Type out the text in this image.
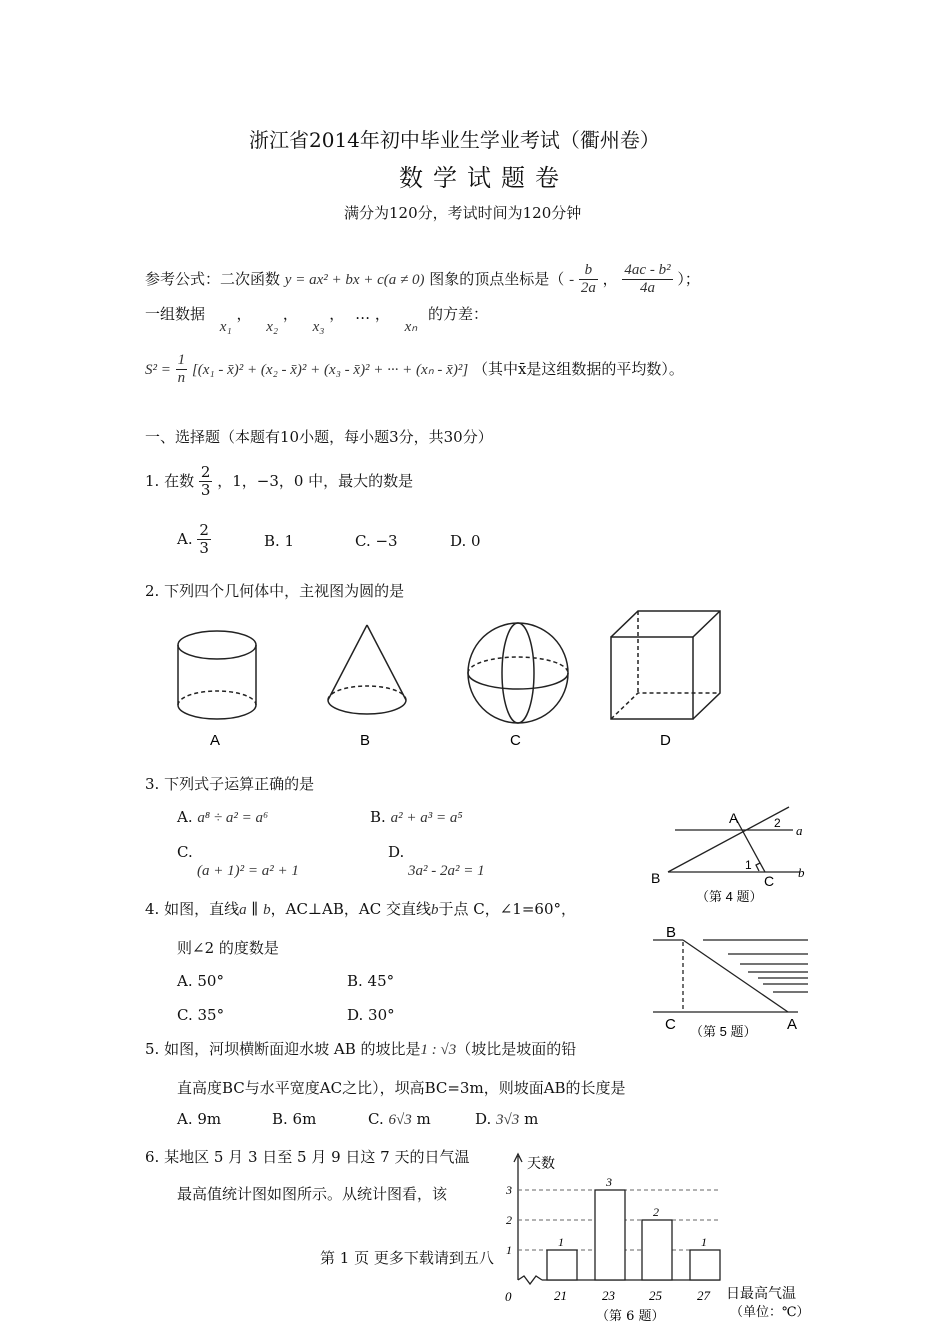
浙江省2014年初中毕业生学业考试（衢州卷）
数学试题卷
满分为120分，考试时间为120分钟
参考公式：二次函数 y = ax² + bx + c(a ≠ 0) 图象的顶点坐标是（ - $\frac{b}{2a}$ ， $\frac{\text{4ac - b²}}{4a}$ ）；
一组数据 x₁ ， x₂ ， x₃ ， … ， xₙ 的方差：
$S^2 = \frac{1}{n} [(x_1$ - x̄)² + (x₂ - x̄)² + (x₃ - x̄)² + ··· + (xₙ - x̄)²] （其中x̄是这组数据的平均数）。
一、选择题（本题有10小题，每小题3分，共30分）
1. 在数 $\frac{2}{3}$ ，1，−3，0 中，最大的数是
A. $\frac{2}{3}$	B. 1	C. −3	D. 0
2. 下列四个几何体中，主视图为圆的是
A	B	C	D
3. 下列式子运算正确的是
A. a⁸ ÷ a² = a⁶	B. a² + a³ = a⁵
C.
(a + 1)² = a² + 1
D.
3a² - 2a² = 1
A
B	C
1
2 a
b
（第 4 题）
4. 如图，直线a ∥ b，AC⊥AB，AC 交直线b于点 C，∠1=60°，
则∠2 的度数是
A. 50°	B. 45°
C. 35°	D. 30°
B
C	A
（第 5 题）
5. 如图，河坝横断面迎水坡 AB 的坡比是1 : √3（坡比是坡面的铅
直高度BC与水平宽度AC之比），坝高BC=3m，则坡面AB的长度是
A. 9m	B. 6m	C. 6√3 m	D. 3√3 m
6. 某地区 5 月 3 日至 5 月 9 日这 7 天的日气温
最高值统计图如图所示。从统计图看，该
第 1 页 更多下载请到五八
天数
0	日最高气温
（单位：℃）
（第 6 题）
1
2
3
1
21
3
23
2
25
1
27
